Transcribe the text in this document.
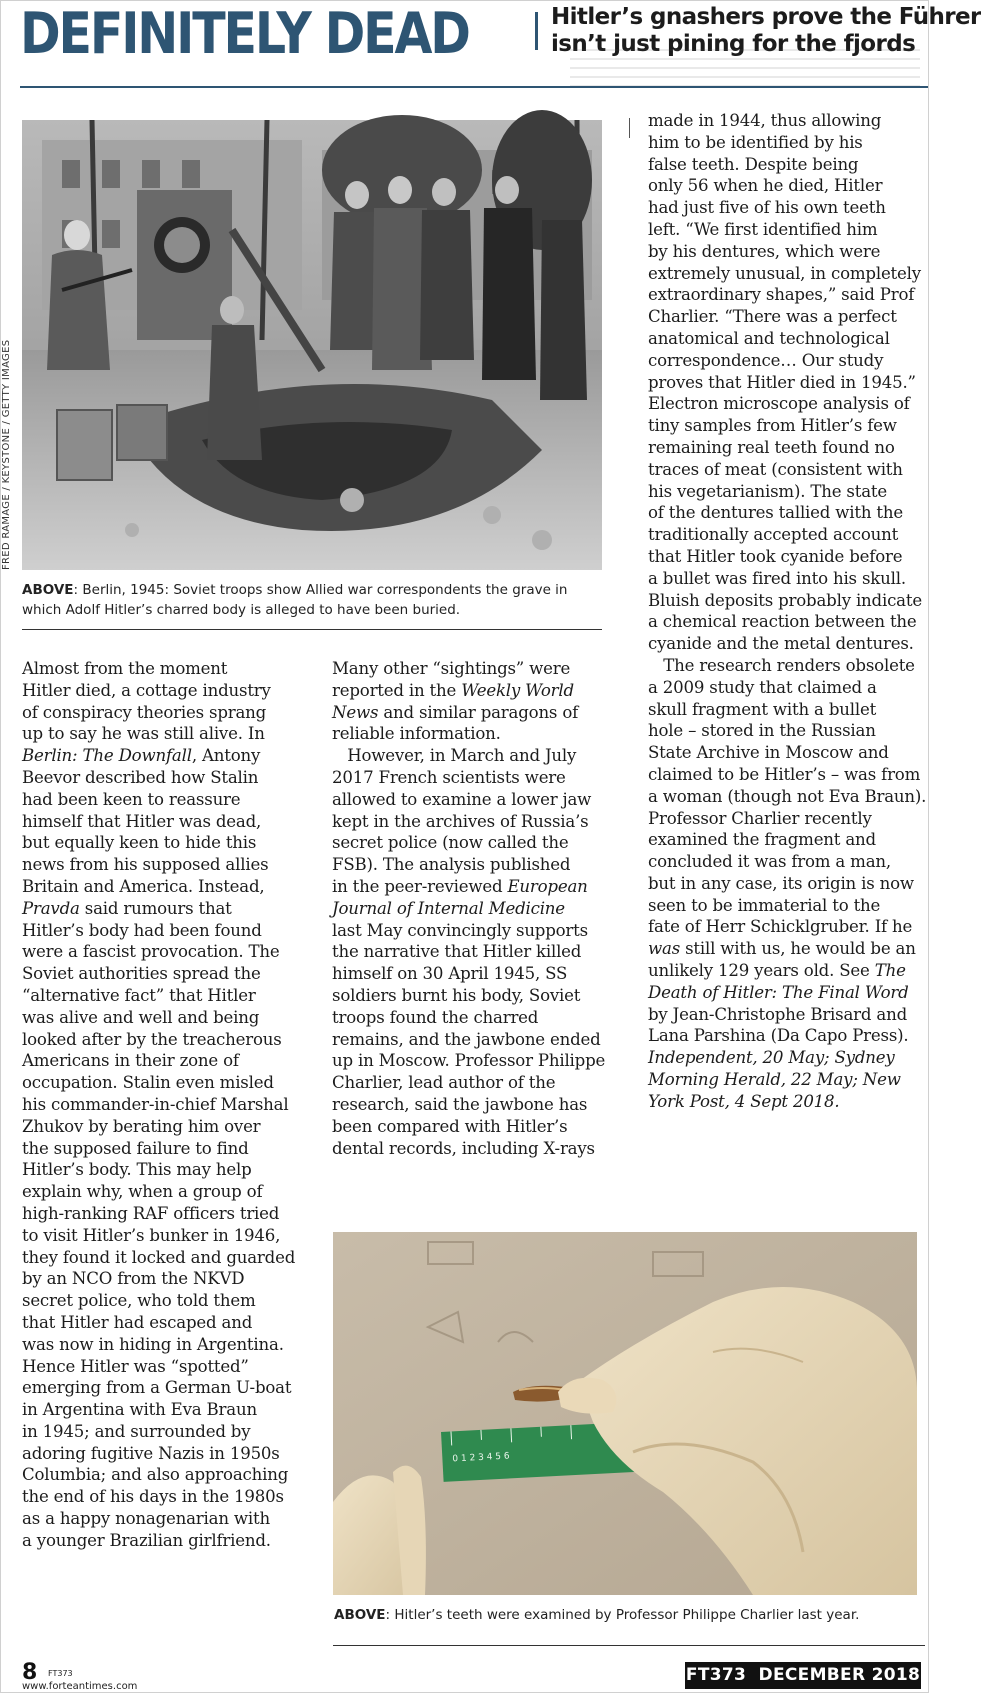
DEFINITELY DEAD	Hitler’s gnashers prove the Führer
isn’t just pining for the fjords
FRED RAMAGE / KEYSTONE / GETTY IMAGES
ABOVE: Berlin, 1945: Soviet troops show Allied war correspondents the grave in which Adolf Hitler’s charred body is alleged to have been buried.
Almost from the moment
Hitler died, a cottage industry
of conspiracy theories sprang
up to say he was still alive. In
Berlin: The Downfall, Antony
Beevor described how Stalin
had been keen to reassure
himself that Hitler was dead,
but equally keen to hide this
news from his supposed allies
Britain and America. Instead,
Pravda said rumours that
Hitler’s body had been found
were a fascist provocation. The
Soviet authorities spread the
“alternative fact” that Hitler
was alive and well and being
looked after by the treacherous
Americans in their zone of
occupation. Stalin even misled
his commander-in-chief Marshal
Zhukov by berating him over
the supposed failure to find
Hitler’s body. This may help
explain why, when a group of
high-ranking RAF officers tried
to visit Hitler’s bunker in 1946,
they found it locked and guarded
by an NCO from the NKVD
secret police, who told them
that Hitler had escaped and
was now in hiding in Argentina.
Hence Hitler was “spotted”
emerging from a German U-boat
in Argentina with Eva Braun
in 1945; and surrounded by
adoring fugitive Nazis in 1950s
Columbia; and also approaching
the end of his days in the 1980s
as a happy nonagenarian with
a younger Brazilian girlfriend.
Many other “sightings” were
reported in the Weekly World
News and similar paragons of
reliable information.
However, in March and July
2017 French scientists were
allowed to examine a lower jaw
kept in the archives of Russia’s
secret police (now called the
FSB). The analysis published
in the peer-reviewed European
Journal of Internal Medicine
last May convincingly supports
the narrative that Hitler killed
himself on 30 April 1945, SS
soldiers burnt his body, Soviet
troops found the charred
remains, and the jawbone ended
up in Moscow. Professor Philippe
Charlier, lead author of the
research, said the jawbone has
been compared with Hitler’s
dental records, including X-rays
made in 1944, thus allowing
him to be identified by his
false teeth. Despite being
only 56 when he died, Hitler
had just five of his own teeth
left. “We first identified him
by his dentures, which were
extremely unusual, in completely
extraordinary shapes,” said Prof
Charlier. “There was a perfect
anatomical and technological
correspondence… Our study
proves that Hitler died in 1945.”
Electron microscope analysis of
tiny samples from Hitler’s few
remaining real teeth found no
traces of meat (consistent with
his vegetarianism). The state
of the dentures tallied with the
traditionally accepted account
that Hitler took cyanide before
a bullet was fired into his skull.
Bluish deposits probably indicate
a chemical reaction between the
cyanide and the metal dentures.
The research renders obsolete
a 2009 study that claimed a
skull fragment with a bullet
hole – stored in the Russian
State Archive in Moscow and
claimed to be Hitler’s – was from
a woman (though not Eva Braun).
Professor Charlier recently
examined the fragment and
concluded it was from a man,
but in any case, its origin is now
seen to be immaterial to the
fate of Herr Schicklgruber. If he
was still with us, he would be an
unlikely 129 years old. See The
Death of Hitler: The Final Word
by Jean-Christophe Brisard and
Lana Parshina (Da Capo Press).
Independent, 20 May; Sydney
Morning Herald, 22 May; New
York Post, 4 Sept 2018.
0 1 2 3 4 5 6
ABOVE: Hitler’s teeth were examined by Professor Philippe Charlier last year.
8 FT373
www.forteantimes.com
FT373  DECEMBER 2018
